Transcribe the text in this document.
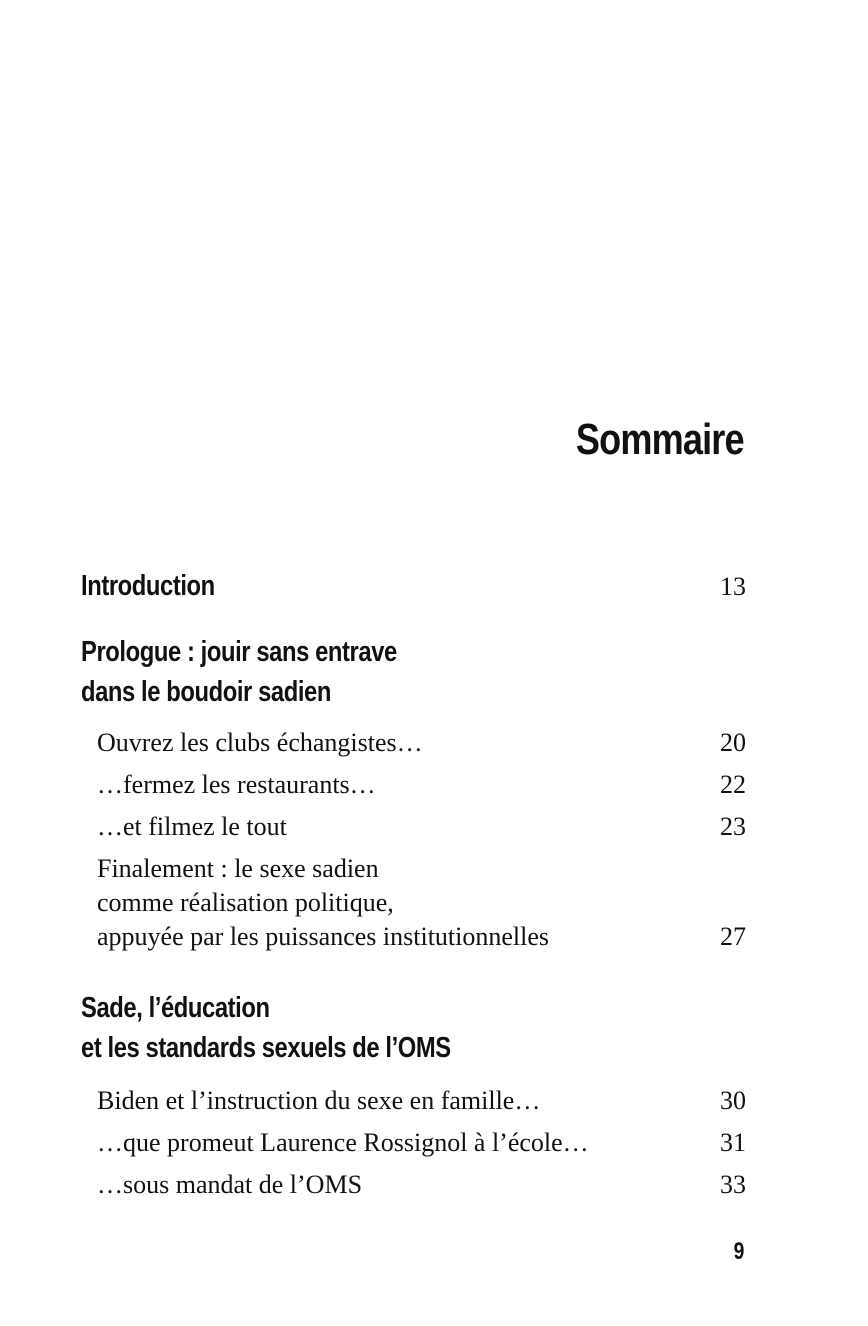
Sommaire
Introduction	13
Prologue : jouir sans entrave
dans le boudoir sadien
Ouvrez les clubs échangistes…	20
…fermez les restaurants…	22
…et filmez le tout	23
Finalement : le sexe sadien
comme réalisation politique,
appuyée par les puissances institutionnelles	27
Sade, l’éducation
et les standards sexuels de l’OMS
Biden et l’instruction du sexe en famille…	30
…que promeut Laurence Rossignol à l’école…	31
…sous mandat de l’OMS	33
9
